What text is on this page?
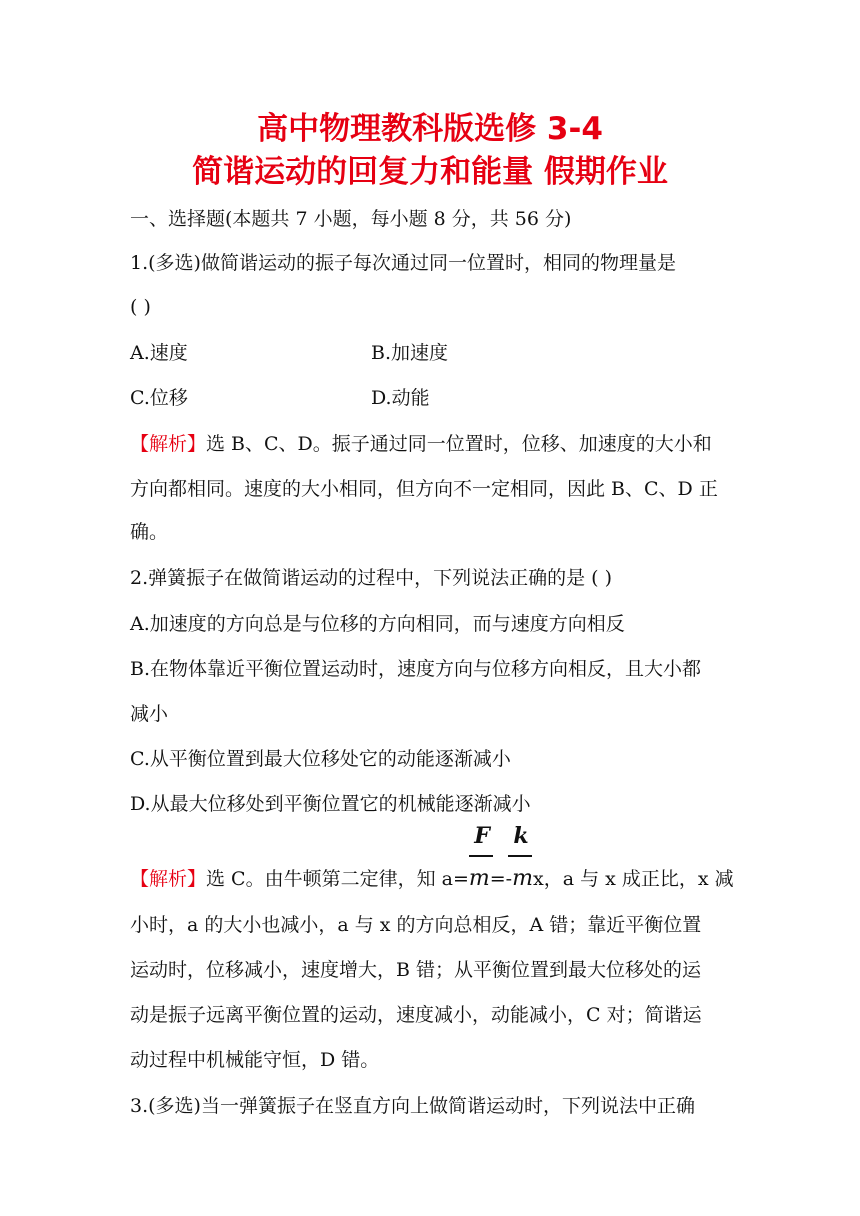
高中物理教科版选修 3-4
简谐运动的回复力和能量 假期作业
一、选择题(本题共 7 小题，每小题 8 分，共 56 分)
1.(多选)做简谐运动的振子每次通过同一位置时，相同的物理量是
( )
A.速度	B.加速度
C.位移	D.动能
【解析】选 B、C、D。振子通过同一位置时，位移、加速度的大小和
方向都相同。速度的大小相同，但方向不一定相同，因此 B、C、D 正
确。
2.弹簧振子在做简谐运动的过程中，下列说法正确的是 ( )
A.加速度的方向总是与位移的方向相同，而与速度方向相反
B.在物体靠近平衡位置运动时，速度方向与位移方向相反，且大小都
减小
C.从平衡位置到最大位移处它的动能逐渐减小
D.从最大位移处到平衡位置它的机械能逐渐减小
F k
【解析】选 C。由牛顿第二定律，知 a=m=-mx，a 与 x 成正比，x 减
小时，a 的大小也减小，a 与 x 的方向总相反，A 错；靠近平衡位置
运动时，位移减小，速度增大，B 错；从平衡位置到最大位移处的运
动是振子远离平衡位置的运动，速度减小，动能减小，C 对；简谐运
动过程中机械能守恒，D 错。
3.(多选)当一弹簧振子在竖直方向上做简谐运动时，下列说法中正确
